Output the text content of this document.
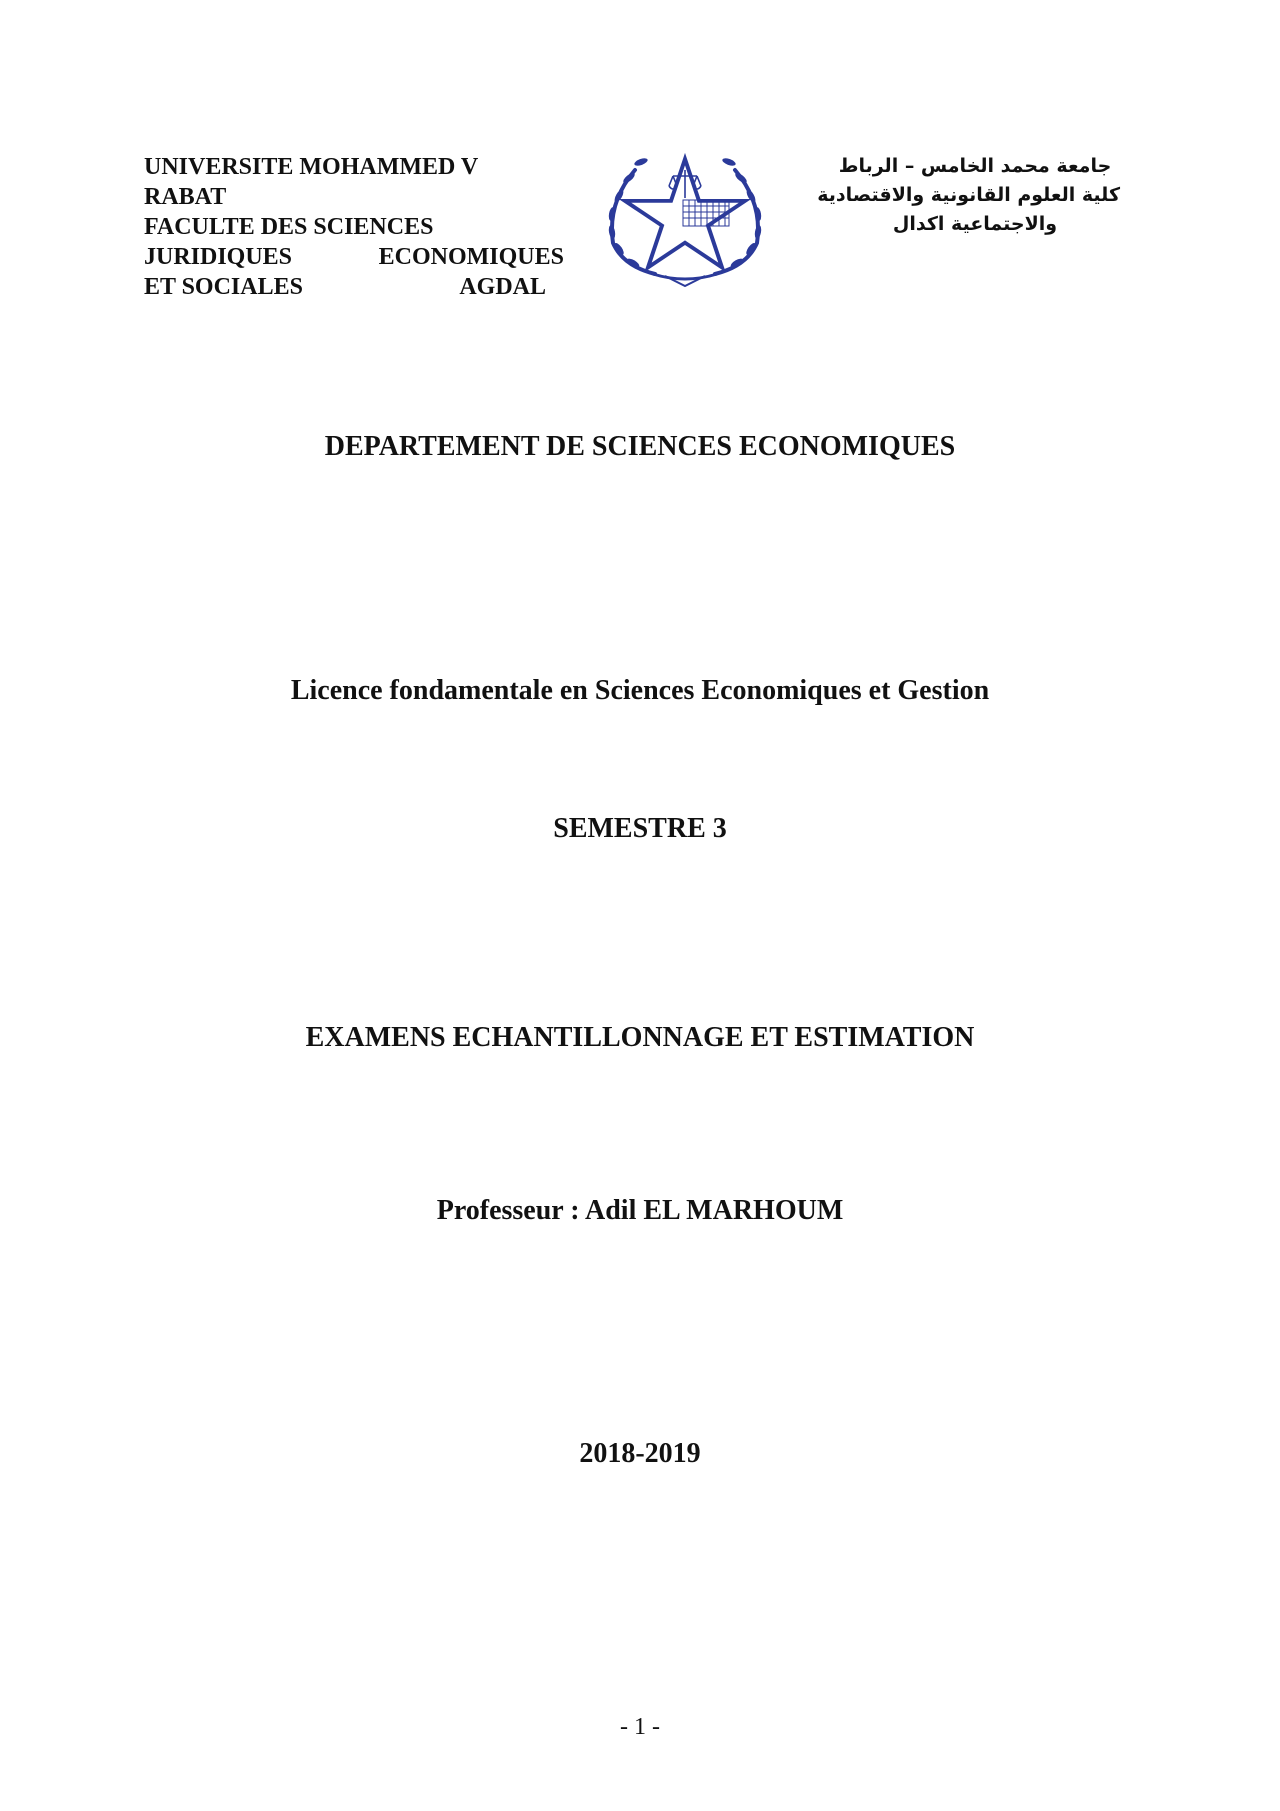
UNIVERSITE MOHAMMED V
RABAT
FACULTE DES SCIENCES
JURIDIQUES	ECONOMIQUES
ET SOCIALES	AGDAL
جامعة محمد الخامس – الرباط
كلية العلوم القانونية والاقتصادية
والاجتماعية اكدال
DEPARTEMENT DE SCIENCES ECONOMIQUES
Licence fondamentale en Sciences Economiques et Gestion
SEMESTRE 3
EXAMENS ECHANTILLONNAGE ET ESTIMATION
Professeur : Adil EL MARHOUM
2018-2019
- 1 -
